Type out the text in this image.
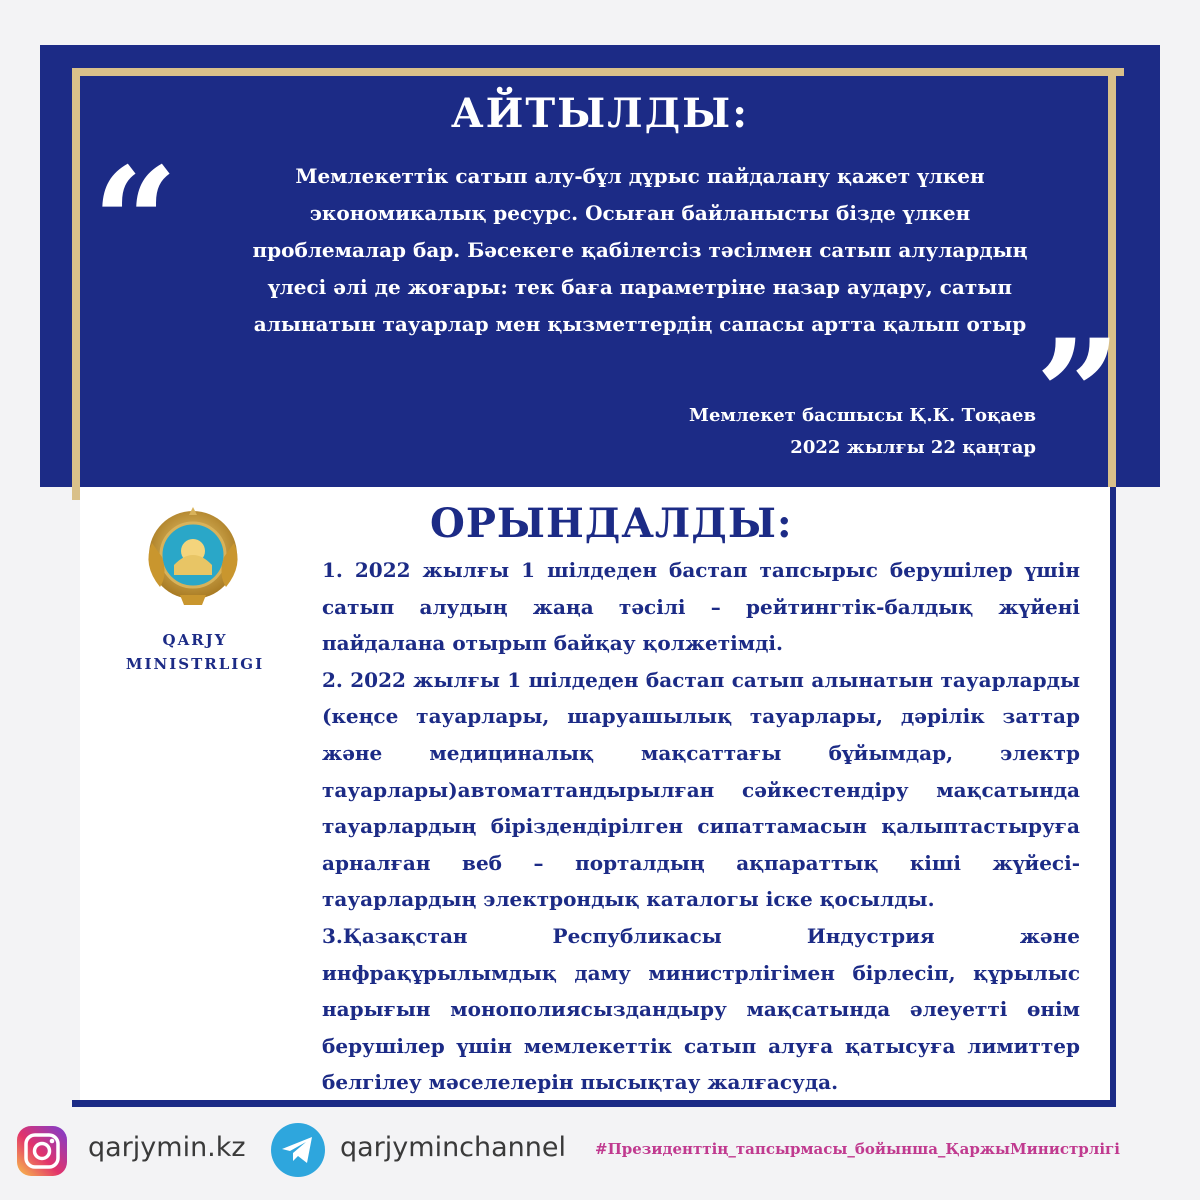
АЙТЫЛДЫ:
“	Мемлекеттік сатып алу-бұл дұрыс пайдалану қажет үлкен экономикалық ресурс. Осыған байланысты бізде үлкен проблемалар бар. Бәсекеге қабілетсіз тәсілмен сатып алулардың үлесі әлі де жоғары: тек баға параметріне назар аудару, сатып алынатын тауарлар мен қызметтердің сапасы артта қалып отыр ”
Мемлекет басшысы Қ.К. Тоқаев
2022 жылғы 22 қаңтар
QARJY
MINISTRLIGI
ОРЫНДАЛДЫ:

1. 2022 жылғы 1 шілдеден бастап тапсырыс берушілер үшін сатып алудың жаңа тәсілі – рейтингтік-балдық жүйені пайдалана отырып байқау қолжетімді.

2. 2022 жылғы 1 шілдеден бастап сатып алынатын тауарларды (кеңсе тауарлары, шаруашылық тауарлары, дәрілік заттар және медициналық мақсаттағы бұйымдар, электр тауарлары)автоматтандырылған сәйкестендіру мақсатында тауарлардың біріздендірілген сипаттамасын қалыптастыруға арналған веб – порталдың ақпараттық кіші жүйесі-тауарлардың электрондық каталогы іске қосылды.

3.Қазақстан Республикасы Индустрия және инфрақұрылымдық даму министрлігімен бірлесіп, құрылыс нарығын монополиясыздандыру мақсатында әлеуетті өнім берушілер үшін мемлекеттік сатып алуға қатысуға лимиттер белгілеу мәселелерін пысықтау жалғасуда.

qarjymin.kz	qarjyminchannel #Президенттің_тапсырмасы_бойынша_ҚаржыМинистрлігі
